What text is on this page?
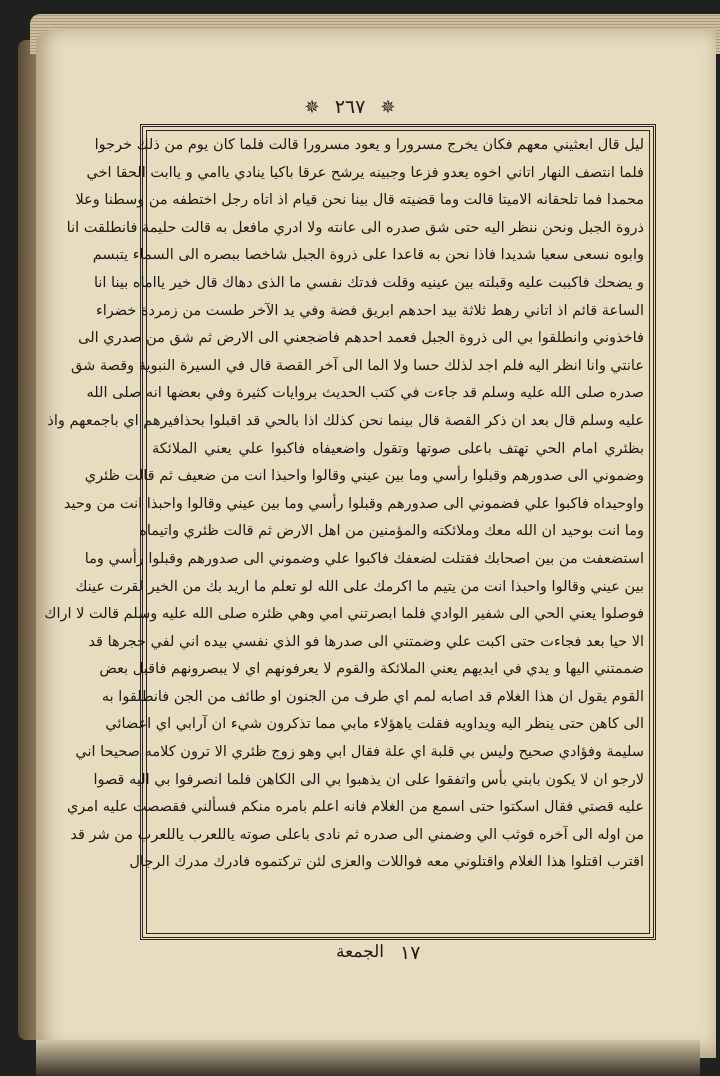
✵ ٢٦٧ ✵
ليل قال ابعثيني معهم فكان يخرج مسرورا و يعود مسرورا قالت فلما كان يوم من ذلك خرجوا
فلما انتصف النهار اتاني اخوه يعدو فزعا وجبينه يرشح عرقا باكيا ينادي ياامي و ياابت الحقا اخي
محمدا فما تلحقانه الاميتا قالت وما قضيته قال بينا نحن قيام اذ اتاه رجل اختطفه من وسطنا وعلا
ذروة الجبل ونحن ننظر اليه حتى شق صدره الى عانته ولا ادري مافعل به قالت حليمة فانطلقت انا
وابوه نسعى سعيا شديدا فاذا نحن به قاعدا على ذروة الجبل شاخصا ببصره الى السماء يتبسم
و يضحك فاكببت عليه وقبلته بين عينيه وقلت فدتك نفسي ما الذى دهاك قال خير يااماه بينا انا
الساعة قائم اذ اتاني رهط ثلاثة بيد احدهم ابريق فضة وفي يد الآخر طست من زمردة خضراء
فاخذوني وانطلقوا بي الى ذروة الجبل فعمد احدهم فاضجعني الى الارض ثم شق من صدري الى
عانتي وانا انظر اليه فلم اجد لذلك حسا ولا الما الى آخر القصة قال في السيرة النبوية وقصة شق
صدره صلى الله عليه وسلم قد جاءت في كتب الحديث بروايات كثيرة وفي بعضها انه صلى الله
عليه وسلم قال بعد ان ذكر القصة قال بينما نحن كذلك اذا بالحي قد اقبلوا بحذافيرهم اي باجمعهم واذ
بظئري امام الحي تهتف باعلى صوتها وتقول واضعيفاه فاكبوا علي يعني الملائكة
وضموني الى صدورهم وقبلوا رأسي وما بين عيني وقالوا واحبذا انت من ضعيف ثم قالت ظئري
واوحيداه فاكبوا علي فضموني الى صدورهم وقبلوا رأسي وما بين عيني وقالوا واحبذا انت من وحيد
وما انت بوحيد ان الله معك وملائكته والمؤمنين من اهل الارض ثم قالت ظئري واتيماه
استضعفت من بين اصحابك فقتلت لضعفك فاكبوا علي وضموني الى صدورهم وقبلوا رأسي وما
بين عيني وقالوا واحبذا انت من يتيم ما اكرمك على الله لو تعلم ما اريد بك من الخير لقرت عينك
فوصلوا يعني الحي الى شفير الوادي فلما ابصرتني امي وهي ظئره صلى الله عليه وسلم قالت لا اراك
الا حيا بعد فجاءت حتى اكبت علي وضمتني الى صدرها فو الذي نفسي بيده اني لفي حجرها قد
ضممتني اليها و يدي في ايديهم يعني الملائكة والقوم لا يعرفونهم اي لا يبصرونهم فاقبل بعض
القوم يقول ان هذا الغلام قد اصابه لمم اي طرف من الجنون او طائف من الجن فانطلقوا به
الى كاهن حتى ينظر اليه ويداويه فقلت ياهؤلاء مابي مما تذكرون شيء ان آرابي اي اعضائي
سليمة وفؤادي صحيح وليس بي قلبة اي علة فقال ابي وهو زوج ظئري الا ترون كلامه صحيحا اني
لارجو ان لا يكون بابني بأس واتفقوا على ان يذهبوا بي الى الكاهن فلما انصرفوا بي اليه قصوا
عليه قصتي فقال اسكتوا حتى اسمع من الغلام فانه اعلم بامره منكم فسألني فقصصت عليه امري
من اوله الى آخره فوثب الي وضمني الى صدره ثم نادى باعلى صوته ياللعرب ياللعرب من شر قد
اقترب اقتلوا هذا الغلام واقتلوني معه فواللات والعزى لئن تركتموه فادرك مدرك الرجال
الجمعة ١٧
